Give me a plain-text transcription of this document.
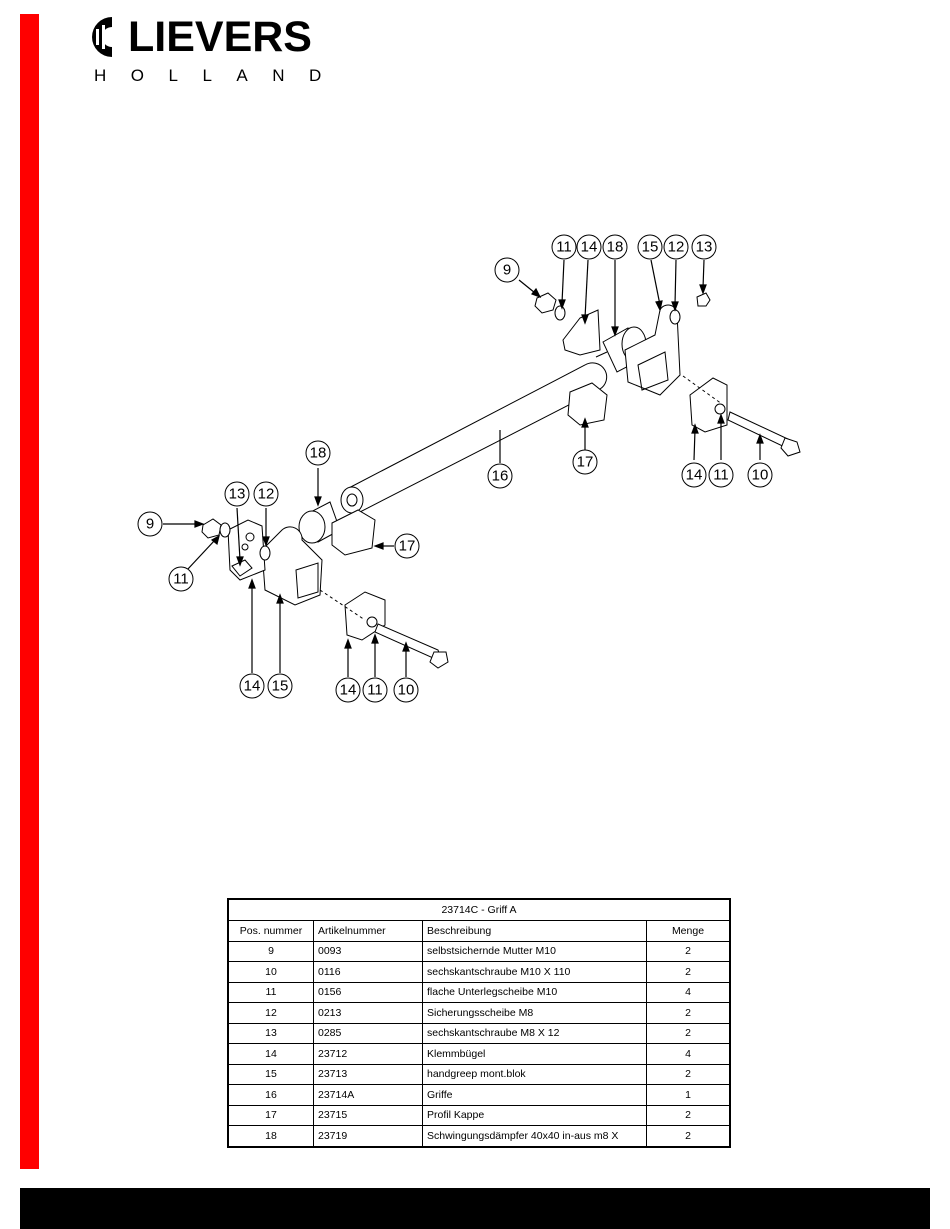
LIEVERS
HOLLAND
9
11 14 18 15 12 13
16
17
14 11 10
18
13 12
9
17
11
14 15	14 11 10
23714C - Griff A			
Pos. nummer	Artikelnummer	Beschreibung	Menge
9	0093	selbstsichernde Mutter M10	2
10	0116	sechskantschraube M10 X 110	2
11	0156	flache Unterlegscheibe M10	4
12	0213	Sicherungsscheibe M8	2
13	0285	sechskantschraube M8 X 12	2
14	23712	Klemmbügel	4
15	23713	handgreep mont.blok	2
16	23714A	Griffe	1
17	23715	Profil Kappe	2
18	23719	Schwingungsdämpfer 40x40 in-aus m8 X	2
